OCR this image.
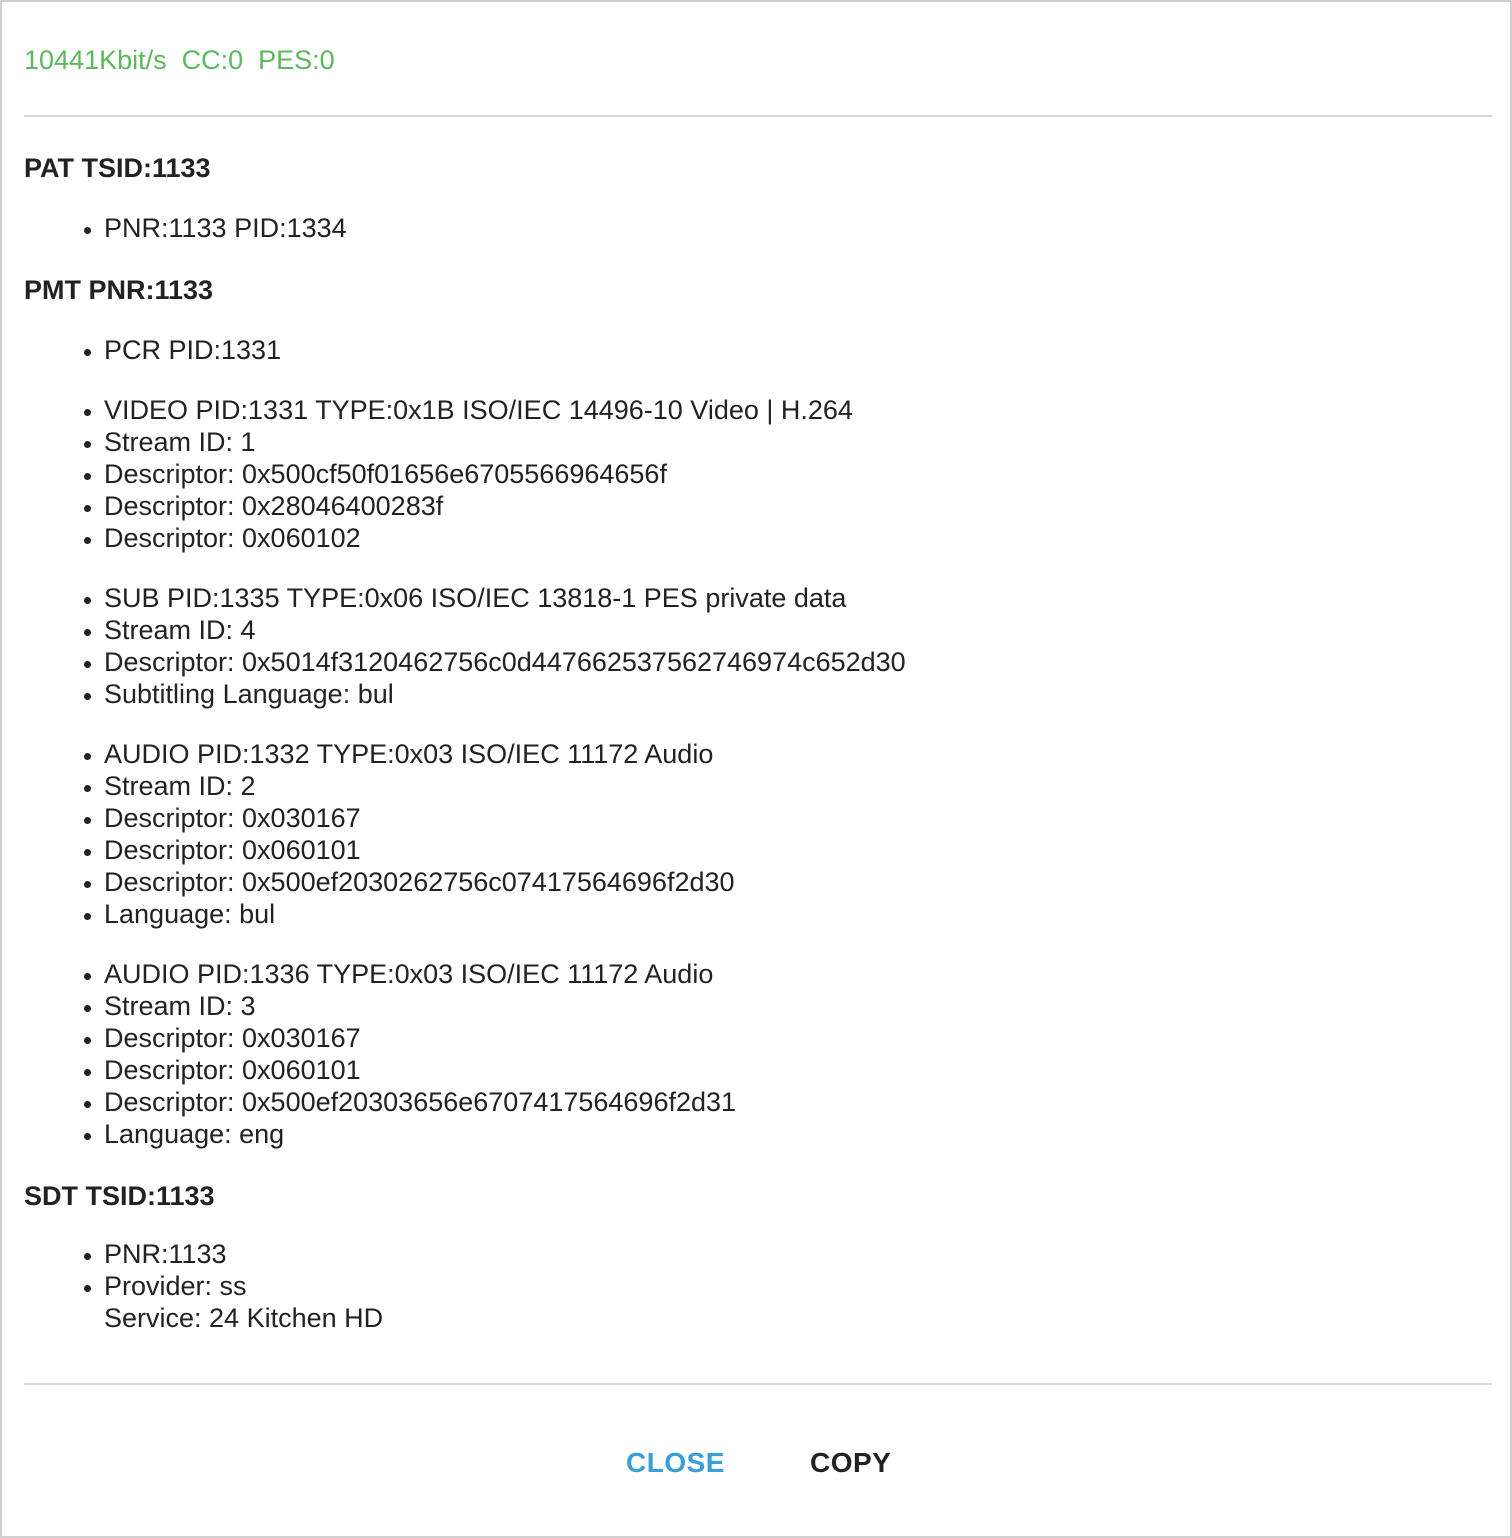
10441Kbit/s  CC:0  PES:0
PAT TSID:1133
• PNR:1133 PID:1334
PMT PNR:1133
• PCR PID:1331
• VIDEO PID:1331 TYPE:0x1B ISO/IEC 14496-10 Video | H.264
• Stream ID: 1
• Descriptor: 0x500cf50f01656e6705566964656f
• Descriptor: 0x28046400283f
• Descriptor: 0x060102
• SUB PID:1335 TYPE:0x06 ISO/IEC 13818-1 PES private data
• Stream ID: 4
• Descriptor: 0x5014f3120462756c0d447662537562746974c652d30
• Subtitling Language: bul
• AUDIO PID:1332 TYPE:0x03 ISO/IEC 11172 Audio
• Stream ID: 2
• Descriptor: 0x030167
• Descriptor: 0x060101
• Descriptor: 0x500ef2030262756c07417564696f2d30
• Language: bul
• AUDIO PID:1336 TYPE:0x03 ISO/IEC 11172 Audio
• Stream ID: 3
• Descriptor: 0x030167
• Descriptor: 0x060101
• Descriptor: 0x500ef20303656e6707417564696f2d31
• Language: eng
SDT TSID:1133
• PNR:1133
• Provider: ss
Service: 24 Kitchen HD
CLOSE	COPY
